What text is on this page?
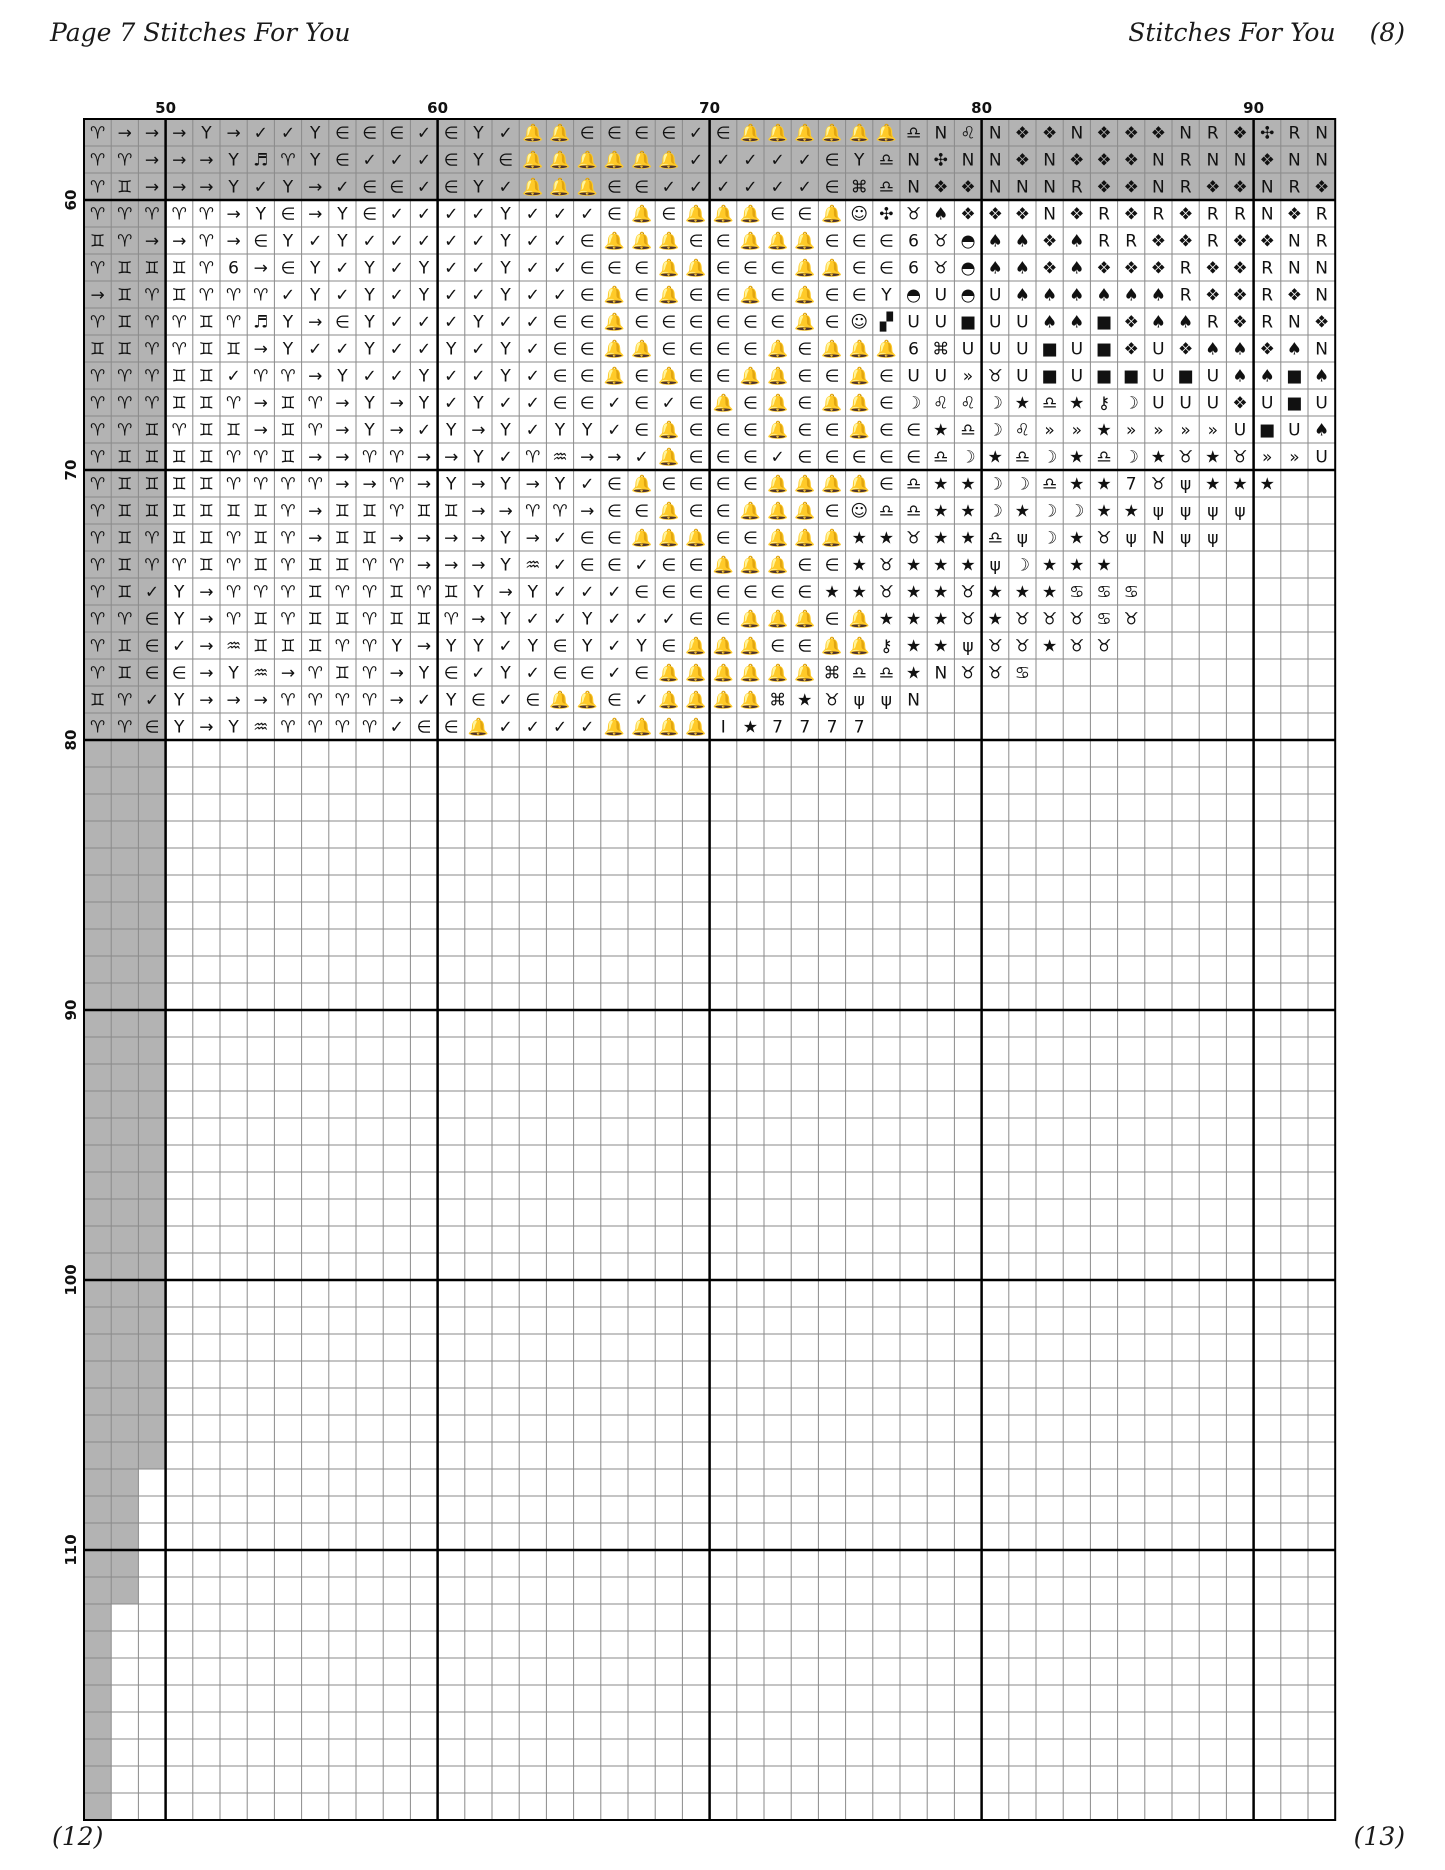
Page 7 Stitches For You	Stitches For You (8)
♈ → → → Y → ✓ ✓ Y ∈ ∈ ∈ ✓ ∈ Y ✓ 🔔 🔔 ∈ ∈ ∈ ∈ ✓ ∈ 🔔 🔔 🔔 🔔 🔔 🔔 ♎ N ♌ N ❖ ❖ N ❖ ❖ ❖ N R ❖ ✣ R N
♈ ♈ → → → Y ♬ ♈ Y ∈ ✓ ✓ ✓ ∈ Y ∈ 🔔 🔔 🔔 🔔 🔔 🔔 ✓ ✓ ✓ ✓ ✓ ∈ Y ♎ N ✣ N N ❖ N ❖ ❖ ❖ N R N N ❖ N N
♈ ♊ → → → Y ✓ Y → ✓ ∈ ∈ ✓ ∈ Y ✓ 🔔 🔔 🔔 ∈ ∈ ✓ ✓ ✓ ✓ ✓ ✓ ∈ ⌘ ♎ N ❖ ❖ N N N R ❖ ❖ N R ❖ ❖ N R ❖
♈ ♈ ♈ ♈ ♈ → Y ∈ → Y ∈ ✓ ✓ ✓ ✓ Y ✓ ✓ ✓ ∈ 🔔 ∈ 🔔 🔔 🔔 ∈ ∈ 🔔 ☺ ✣ ♉ ♠ ❖ ❖ ❖ N ❖ R ❖ R ❖ R R N ❖ R
♊ ♈ → → ♈ → ∈ Y ✓ Y ✓ ✓ ✓ ✓ ✓ Y ✓ ✓ ∈ 🔔 🔔 🔔 ∈ ∈ 🔔 🔔 🔔 ∈ ∈ ∈ 6 ♉ ◓ ♠ ♠ ❖ ♠ R R ❖ ❖ R ❖ ❖ N R
♈ ♊ ♊ ♊ ♈ 6 → ∈ Y ✓ Y ✓ Y ✓ ✓ Y ✓ ✓ ∈ ∈ ∈ 🔔 🔔 ∈ ∈ ∈ 🔔 🔔 ∈ ∈ 6 ♉ ◓ ♠ ♠ ❖ ♠ ❖ ❖ ❖ R ❖ ❖ R N N
→ ♊ ♈ ♊ ♈ ♈ ♈ ✓ Y ✓ Y ✓ Y ✓ ✓ Y ✓ ✓ ∈ 🔔 ∈ 🔔 ∈ ∈ 🔔 ∈ 🔔 ∈ ∈ Y ◓ U ◓ U ♠ ♠ ♠ ♠ ♠ ♠ R ❖ ❖ R ❖ N
♈ ♊ ♈ ♈ ♊ ♈ ♬ Y → ∈ Y ✓ ✓ ✓ Y ✓ ✓ ∈ ∈ 🔔 ∈ ∈ ∈ ∈ ∈ ∈ 🔔 ∈ ☺ ▞ U U ■ U U ♠ ♠ ■ ❖ ♠ ♠ R ❖ R N ❖
♊ ♊ ♈ ♈ ♊ ♊ → Y ✓ ✓ Y ✓ ✓ Y ✓ Y ✓ ∈ ∈ 🔔 🔔 ∈ ∈ ∈ ∈ 🔔 ∈ 🔔 🔔 🔔 6 ⌘ U U U ■ U ■ ❖ U ❖ ♠ ♠ ❖ ♠ N
♈ ♈ ♈ ♊ ♊ ✓ ♈ ♈ → Y ✓ ✓ Y ✓ ✓ Y ✓ ∈ ∈ 🔔 ∈ 🔔 ∈ ∈ 🔔 🔔 ∈ ∈ 🔔 ∈ U U » ♉ U ■ U ■ ■ U ■ U ♠ ♠ ■ ♠
♈ ♈ ♈ ♊ ♊ ♈ → ♊ ♈ → Y → Y ✓ Y ✓ ✓ ∈ ∈ ✓ ∈ ✓ ∈ 🔔 ∈ 🔔 ∈ 🔔 🔔 ∈ ☽ ♌ ♌ ☽ ★ ♎ ★ ⚷ ☽ U U U ❖ U ■ U
♈ ♈ ♊ ♈ ♊ ♊ → ♊ ♈ → Y → ✓ Y → Y ✓ Y Y ✓ ∈ 🔔 ∈ ∈ ∈ 🔔 ∈ ∈ 🔔 ∈ ∈ ★ ♎ ☽ ♌ » » ★ » » » » U ■ U ♠
♈ ♊ ♊ ♊ ♊ ♈ ♈ ♊ → → ♈ ♈ → → Y ✓ ♈ ♒ → → ✓ 🔔 ∈ ∈ ∈ ✓ ∈ ∈ ∈ ∈ ∈ ♎ ☽ ★ ♎ ☽ ★ ♎ ☽ ★ ♉ ★ ♉ » » U
♈ ♊ ♊ ♊ ♊ ♈ ♈ ♈ ♈ → → ♈ → Y → Y → Y ✓ ∈ 🔔 ∈ ∈ ∈ ∈ 🔔 🔔 🔔 🔔 ∈ ♎ ★ ★ ☽ ☽ ♎ ★ ★ 7 ♉ ψ ★ ★ ★
♈ ♊ ♊ ♊ ♊ ♊ ♊ ♈ → ♊ ♊ ♈ ♊ ♊ → → ♈ ♈ → ∈ ∈ 🔔 ∈ ∈ 🔔 🔔 🔔 ∈ ☺ ♎ ♎ ★ ★ ☽ ★ ☽ ☽ ★ ★ ψ ψ ψ ψ
♈ ♊ ♈ ♊ ♊ ♈ ♊ ♈ → ♊ ♊ → → → → Y → ✓ ∈ ∈ 🔔 🔔 🔔 ∈ ∈ 🔔 🔔 🔔 ★ ★ ♉ ★ ★ ♎ ψ ☽ ★ ♉ ψ N ψ ψ
♈ ♊ ♈ ♈ ♊ ♈ ♊ ♈ ♊ ♊ ♈ ♈ → → → Y ♒ ✓ ∈ ∈ ✓ ∈ ∈ 🔔 🔔 🔔 ∈ ∈ ★ ♉ ★ ★ ★ ψ ☽ ★ ★ ★
♈ ♊ ✓ Y → ♈ ♈ ♈ ♊ ♈ ♈ ♊ ♈ ♊ Y → Y ✓ ✓ ✓ ∈ ∈ ∈ ∈ ∈ ∈ ∈ ★ ★ ♉ ★ ★ ♉ ★ ★ ★ ♋ ♋ ♋
♈ ♈ ∈ Y → ♈ ♊ ♈ ♊ ♊ ♈ ♊ ♊ ♈ → Y ✓ ✓ Y ✓ ✓ ✓ ∈ ∈ 🔔 🔔 🔔 ∈ 🔔 ★ ★ ★ ♉ ★ ♉ ♉ ♉ ♋ ♉
♈ ♊ ∈ ✓ → ♒ ♊ ♊ ♊ ♈ ♈ Y → Y Y ✓ Y ∈ Y ✓ Y ∈ 🔔 🔔 🔔 ∈ ∈ 🔔 🔔 ⚷ ★ ★ ψ ♉ ♉ ★ ♉ ♉
♈ ♊ ∈ ∈ → Y ♒ → ♈ ♊ ♈ → Y ∈ ✓ Y ✓ ∈ ∈ ✓ ∈ 🔔 🔔 🔔 🔔 🔔 🔔 ⌘ ♎ ♎ ★ N ♉ ♉ ♋
♊ ♈ ✓ Y → → → ♈ ♈ ♈ ♈ → ✓ Y ∈ ✓ ∈ 🔔 🔔 ∈ ✓ 🔔 🔔 🔔 🔔 ⌘ ★ ♉ ψ ψ N
♈ ♈ ∈ Y → Y ♒ ♈ ♈ ♈ ♈ ✓ ∈ ∈ 🔔 ✓ ✓ ✓ ✓ 🔔 🔔 🔔 🔔 I ★ 7 7 7 7
50	60	70	80	90
60
70
80
90
100
110
(12)	(13)
